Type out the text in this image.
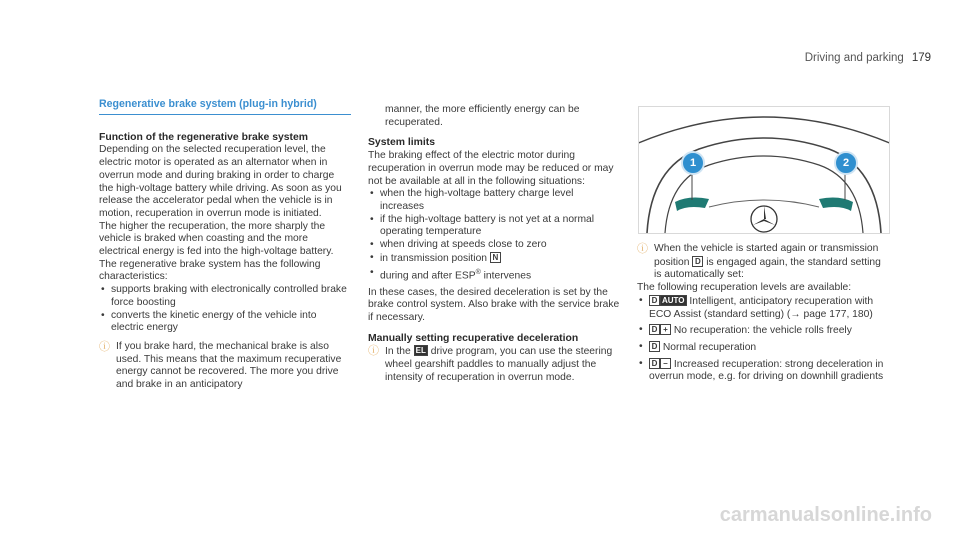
Driving and parking 179
Regenerative brake system (plug-in hybrid)
Function of the regenerative brake system

Depending on the selected recuperation level, the electric motor is operated as an alternator when in overrun mode and during braking in order to charge the high-voltage battery while driving. As soon as you release the accelerator pedal when the vehicle is in motion, recuperation in overrun mode is initiated.

The higher the recuperation, the more sharply the vehicle is braked when coasting and the more electrical energy is fed into the high-voltage battery.

The regenerative brake system has the following characteristics:

• supports braking with electronically controlled brake force boosting
• converts the kinetic energy of the vehicle into electric energy
ⓘ If you brake hard, the mechanical brake is also used. This means that the maximum recuperative energy cannot be recovered. The more you drive and brake in an anticipatory

manner, the more efficiently energy can be recuperated.

System limits

The braking effect of the electric motor during recuperation in overrun mode may be reduced or may not be available at all in the following situations:

• when the high-voltage battery charge level increases
• if the high-voltage battery is not yet at a normal operating temperature
• when driving at speeds close to zero
• in transmission position N
• during and after ESP® intervenes

In these cases, the desired deceleration is set by the brake control system. Also brake with the service brake if necessary.

Manually setting recuperative deceleration
ⓘ In the EL drive program, you can use the steering wheel gearshift paddles to manually adjust the intensity of recuperation in overrun mode.
1	2
ⓘ When the vehicle is started again or transmission position D is engaged again, the standard setting is automatically set:

The following recuperation levels are available:

• D AUTO Intelligent, anticipatory recuperation with ECO Assist (standard setting) (→ page 177, 180)
• D + No recuperation: the vehicle rolls freely
• D Normal recuperation
• D – Increased recuperation: strong deceleration in overrun mode, e.g. for driving on downhill gradients
carmanualsonline.info
